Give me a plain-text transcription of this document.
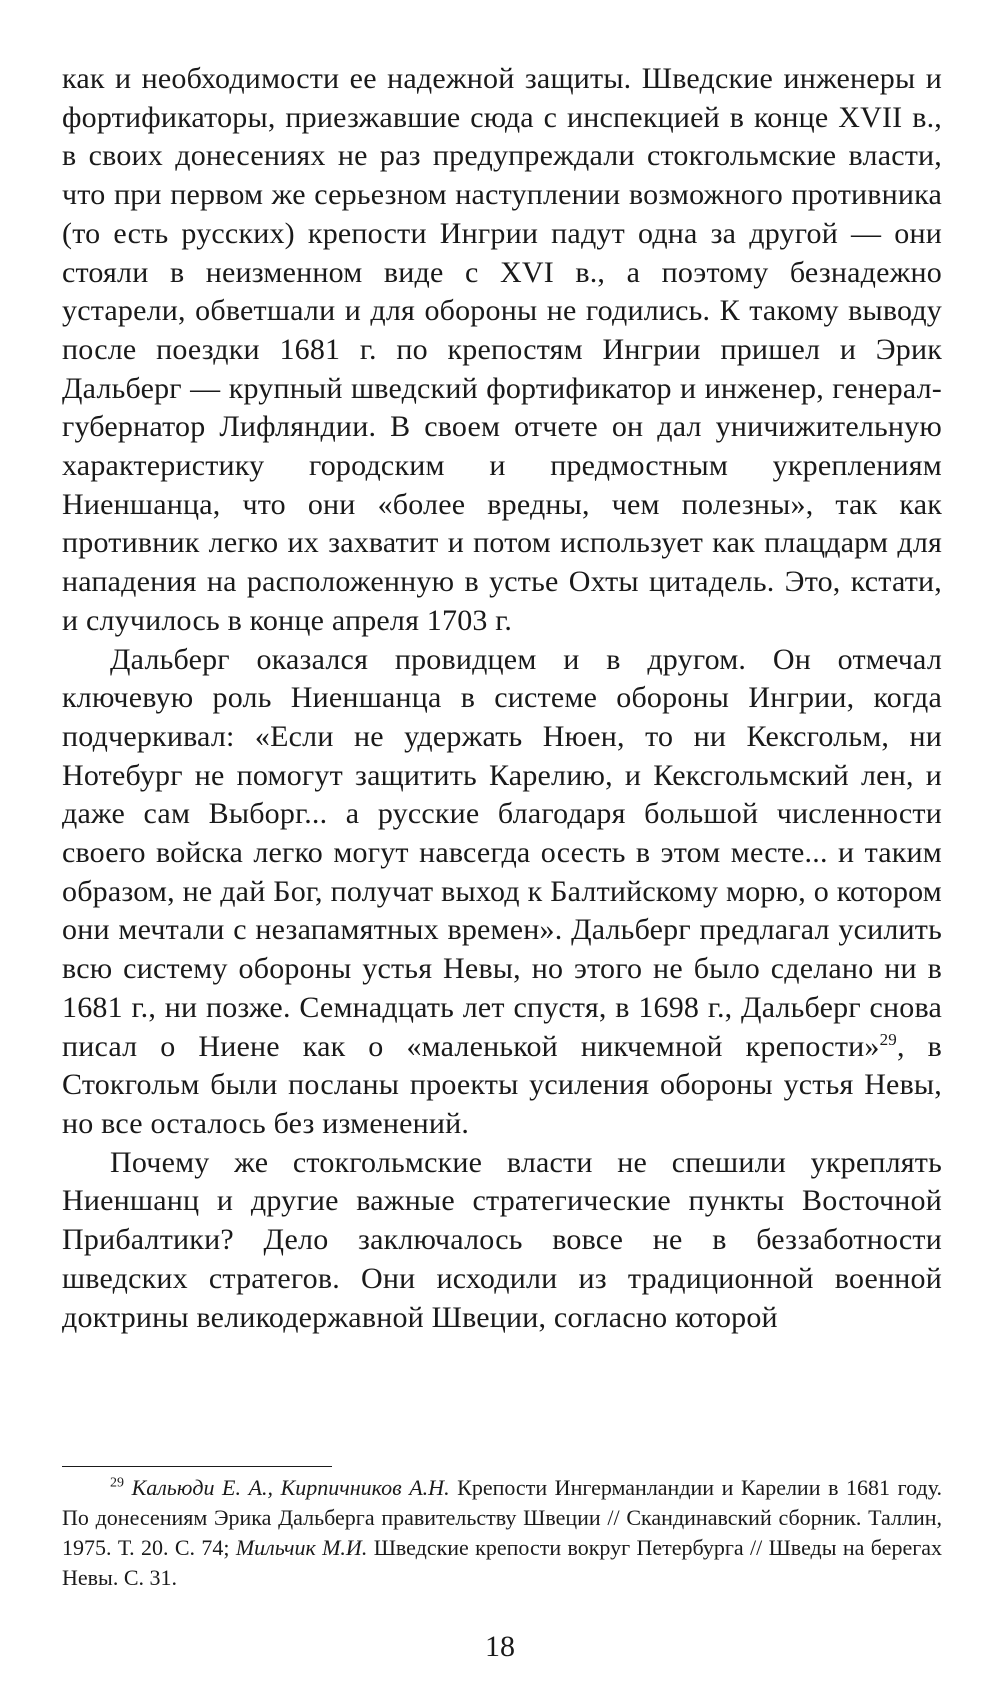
как и необходимости ее надежной защиты. Шведские инженеры и фортификаторы, приезжавшие сюда с инспекцией в конце XVII в., в своих донесениях не раз предупреждали стокгольмские власти, что при первом же серьезном наступлении возможного противника (то есть русских) крепости Ингрии падут одна за другой — они стояли в неизменном виде с XVI в., а поэтому безнадежно устарели, обветшали и для обороны не годились. К такому выводу после поездки 1681 г. по крепостям Ингрии пришел и Эрик Дальберг — крупный шведский фортификатор и инженер, генерал-губернатор Лифляндии. В своем отчете он дал уничижительную характеристику городским и предмостным укреплениям Ниеншанца, что они «более вредны, чем полезны», так как противник легко их захватит и потом использует как плацдарм для нападения на расположенную в устье Охты цитадель. Это, кстати, и случилось в конце апреля 1703 г.

Дальберг оказался провидцем и в другом. Он отмечал ключевую роль Ниеншанца в системе обороны Ингрии, когда подчеркивал: «Если не удержать Нюен, то ни Кексгольм, ни Нотебург не помогут защитить Карелию, и Кексгольмский лен, и даже сам Выборг... а русские благодаря большой численности своего войска легко могут навсегда осесть в этом месте... и таким образом, не дай Бог, получат выход к Балтийскому морю, о котором они мечтали с незапамятных времен». Дальберг предлагал усилить всю систему обороны устья Невы, но этого не было сделано ни в 1681 г., ни позже. Семнадцать лет спустя, в 1698 г., Дальберг снова писал о Ниене как о «маленькой никчемной крепости»$^{29}$, в Стокгольм были посланы проекты усиления обороны устья Невы, но все осталось без изменений.

Почему же стокгольмские власти не спешили укреплять Ниеншанц и другие важные стратегические пункты Восточной Прибалтики? Дело заключалось вовсе не в беззаботности шведских стратегов. Они исходили из традиционной военной доктрины великодержавной Швеции, согласно которой

$^{29}$ Кальюди Е. А., Кирпичников А.Н. Крепости Ингерманландии и Карелии в 1681 году. По донесениям Эрика Дальберга правительству Швеции // Скандинавский сборник. Таллин, 1975. Т. 20. С. 74; Мильчик М.И. Шведские крепости вокруг Петербурга // Шведы на берегах Невы. С. 31.

18
